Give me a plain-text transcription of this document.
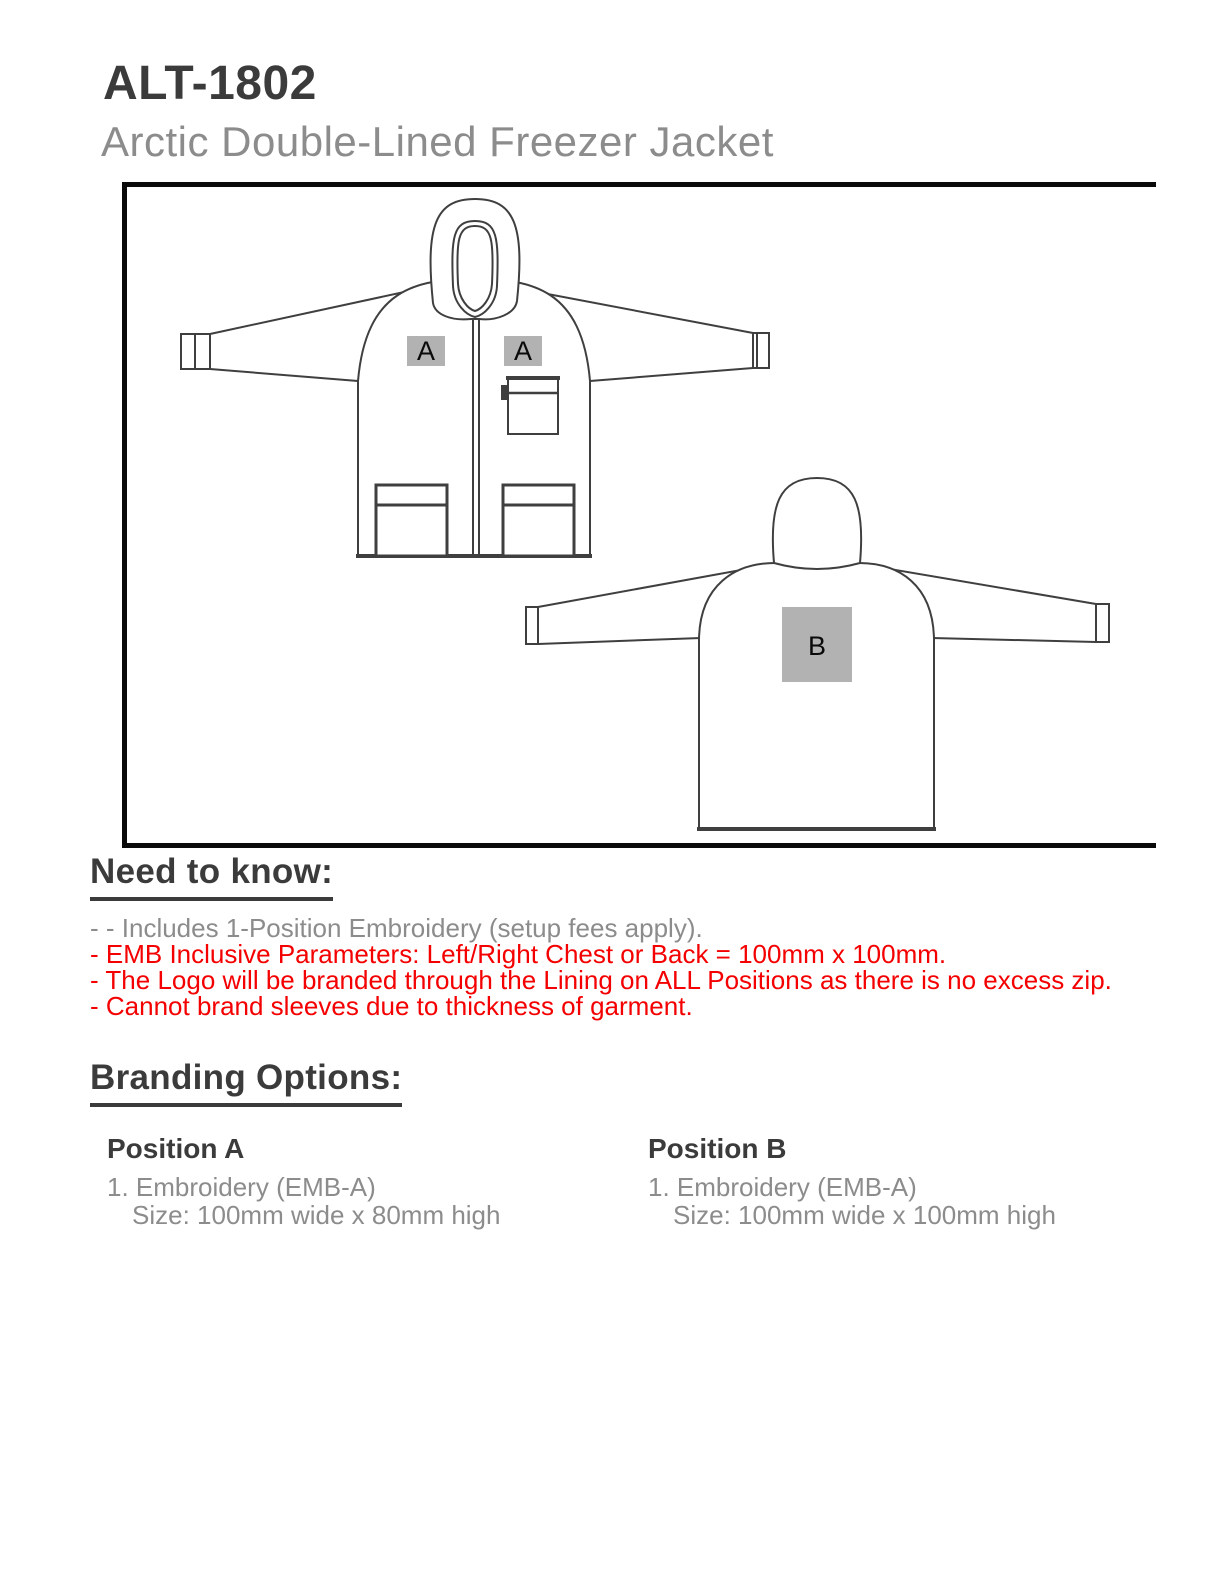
ALT-1802
Arctic Double-Lined Freezer Jacket
A	A
B
Need to know:
- - Includes 1-Position Embroidery (setup fees apply).
- EMB Inclusive Parameters: Left/Right Chest or Back = 100mm x 100mm.
- The Logo will be branded through the Lining on ALL Positions as there is no excess zip.
- Cannot brand sleeves due to thickness of garment.
Branding Options:
Position A
1. Embroidery (EMB-A)
Size: 100mm wide x 80mm high
Position B
1. Embroidery (EMB-A)
Size: 100mm wide x 100mm high
